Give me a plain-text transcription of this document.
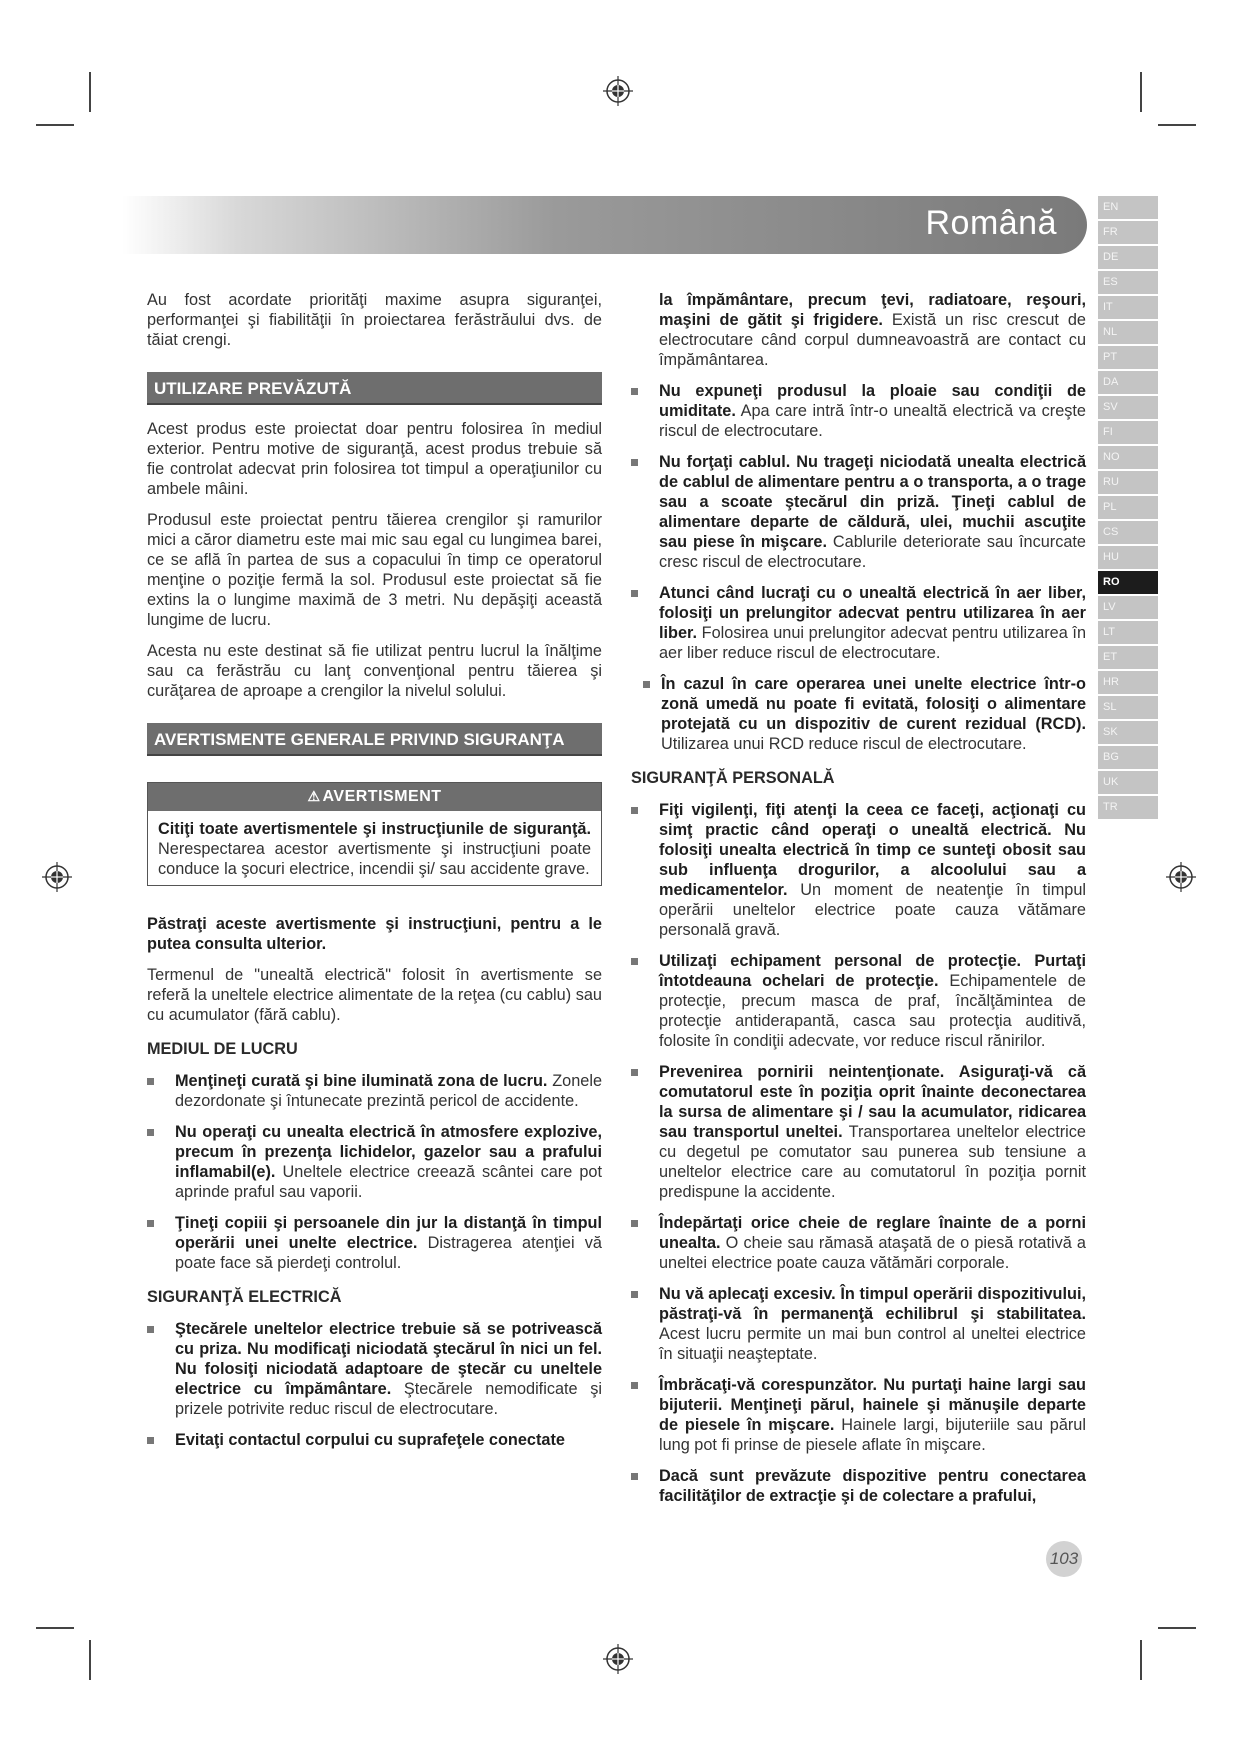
Română	EN
FR
DE
ES
IT
NL
PT
DA
SV
FI
NO
RU
PL
CS
HU
RO
LV
LT
ET
HR
SL
SK
BG
UK
TR

Au fost acordate priorităţi maxime asupra siguranţei, performanţei şi fiabilităţii în proiectarea ferăstrăului dvs. de tăiat crengi.

UTILIZARE PREVĂZUTĂ

Acest produs este proiectat doar pentru folosirea în mediul exterior. Pentru motive de siguranţă, acest produs trebuie să fie controlat adecvat prin folosirea tot timpul a operaţiunilor cu ambele mâini.

Produsul este proiectat pentru tăierea crengilor şi ramurilor mici a căror diametru este mai mic sau egal cu lungimea barei, ce se află în partea de sus a copacului în timp ce operatorul menţine o poziţie fermă la sol. Produsul este proiectat să fie extins la o lungime maximă de 3 metri. Nu depăşiţi această lungime de lucru.

Acesta nu este destinat să fie utilizat pentru lucrul la înălţime sau ca ferăstrău cu lanţ convenţional pentru tăierea şi curăţarea de aproape a crengilor la nivelul solului.

AVERTISMENTE GENERALE PRIVIND SIGURANŢA
⚠ AVERTISMENT
Citiţi toate avertismentele şi instrucţiunile de siguranţă. Nerespectarea acestor avertismente şi instrucţiuni poate conduce la şocuri electrice, incendii şi/ sau accidente grave.

Păstraţi aceste avertismente şi instrucţiuni, pentru a le putea consulta ulterior.

Termenul de "unealtă electrică" folosit în avertismente se referă la uneltele electrice alimentate de la reţea (cu cablu) sau cu acumulator (fără cablu).

MEDIUL DE LUCRU
Menţineţi curată şi bine iluminată zona de lucru. Zonele dezordonate şi întunecate prezintă pericol de accidente.
Nu operaţi cu unealta electrică în atmosfere explozive, precum în prezenţa lichidelor, gazelor sau a prafului inflamabil(e). Uneltele electrice creează scântei care pot aprinde praful sau vaporii.
Ţineţi copiii şi persoanele din jur la distanţă în timpul operării unei unelte electrice. Distragerea atenţiei vă poate face să pierdeţi controlul.
SIGURANŢĂ ELECTRICĂ
Ştecărele uneltelor electrice trebuie să se potrivească cu priza. Nu modificaţi niciodată ştecărul în nici un fel. Nu folosiţi niciodată adaptoare de ştecăr cu uneltele electrice cu împământare. Ştecărele nemodificate şi prizele potrivite reduc riscul de electrocutare.
Evitaţi contactul corpului cu suprafeţele conectate

la împământare, precum ţevi, radiatoare, reşouri, maşini de gătit şi frigidere. Există un risc crescut de electrocutare când corpul dumneavoastră are contact cu împământarea.

Nu expuneţi produsul la ploaie sau condiţii de umiditate. Apa care intră într-o unealtă electrică va creşte riscul de electrocutare.
Nu forţaţi cablul. Nu trageţi niciodată unealta electrică de cablul de alimentare pentru a o transporta, a o trage sau a scoate ştecărul din priză. Ţineţi cablul de alimentare departe de căldură, ulei, muchii ascuţite sau piese în mişcare. Cablurile deteriorate sau încurcate cresc riscul de electrocutare.
Atunci când lucraţi cu o unealtă electrică în aer liber, folosiţi un prelungitor adecvat pentru utilizarea în aer liber. Folosirea unui prelungitor adecvat pentru utilizarea în aer liber reduce riscul de electrocutare.
În cazul în care operarea unei unelte electrice într-o zonă umedă nu poate fi evitată, folosiţi o alimentare protejată cu un dispozitiv de curent rezidual (RCD). Utilizarea unui RCD reduce riscul de electrocutare.
SIGURANŢĂ PERSONALĂ
Fiţi vigilenţi, fiţi atenţi la ceea ce faceţi, acţionaţi cu simţ practic când operaţi o unealtă electrică. Nu folosiţi unealta electrică în timp ce sunteţi obosit sau sub influenţa drogurilor, a alcoolului sau a medicamentelor. Un moment de neatenţie în timpul operării uneltelor electrice poate cauza vătămare personală gravă.
Utilizaţi echipament personal de protecţie. Purtaţi întotdeauna ochelari de protecţie. Echipamentele de protecţie, precum masca de praf, încălţămintea de protecţie antiderapantă, casca sau protecţia auditivă, folosite în condiţii adecvate, vor reduce riscul rănirilor.
Prevenirea pornirii neintenţionate. Asiguraţi-vă că comutatorul este în poziţia oprit înainte deconectarea la sursa de alimentare şi / sau la acumulator, ridicarea sau transportul uneltei. Transportarea uneltelor electrice cu degetul pe comutator sau punerea sub tensiune a uneltelor electrice care au comutatorul în poziţia pornit predispune la accidente.
Îndepărtaţi orice cheie de reglare înainte de a porni unealta. O cheie sau rămasă ataşată de o piesă rotativă a uneltei electrice poate cauza vătămări corporale.
Nu vă aplecaţi excesiv. În timpul operării dispozitivului, păstraţi-vă în permanenţă echilibrul şi stabilitatea. Acest lucru permite un mai bun control al uneltei electrice în situaţii neaşteptate.
Îmbrăcaţi-vă corespunzător. Nu purtaţi haine largi sau bijuterii. Menţineţi părul, hainele şi mănuşile departe de piesele în mişcare. Hainele largi, bijuteriile sau părul lung pot fi prinse de piesele aflate în mişcare.
Dacă sunt prevăzute dispozitive pentru conectarea facilităţilor de extracţie şi de colectare a prafului,
103
